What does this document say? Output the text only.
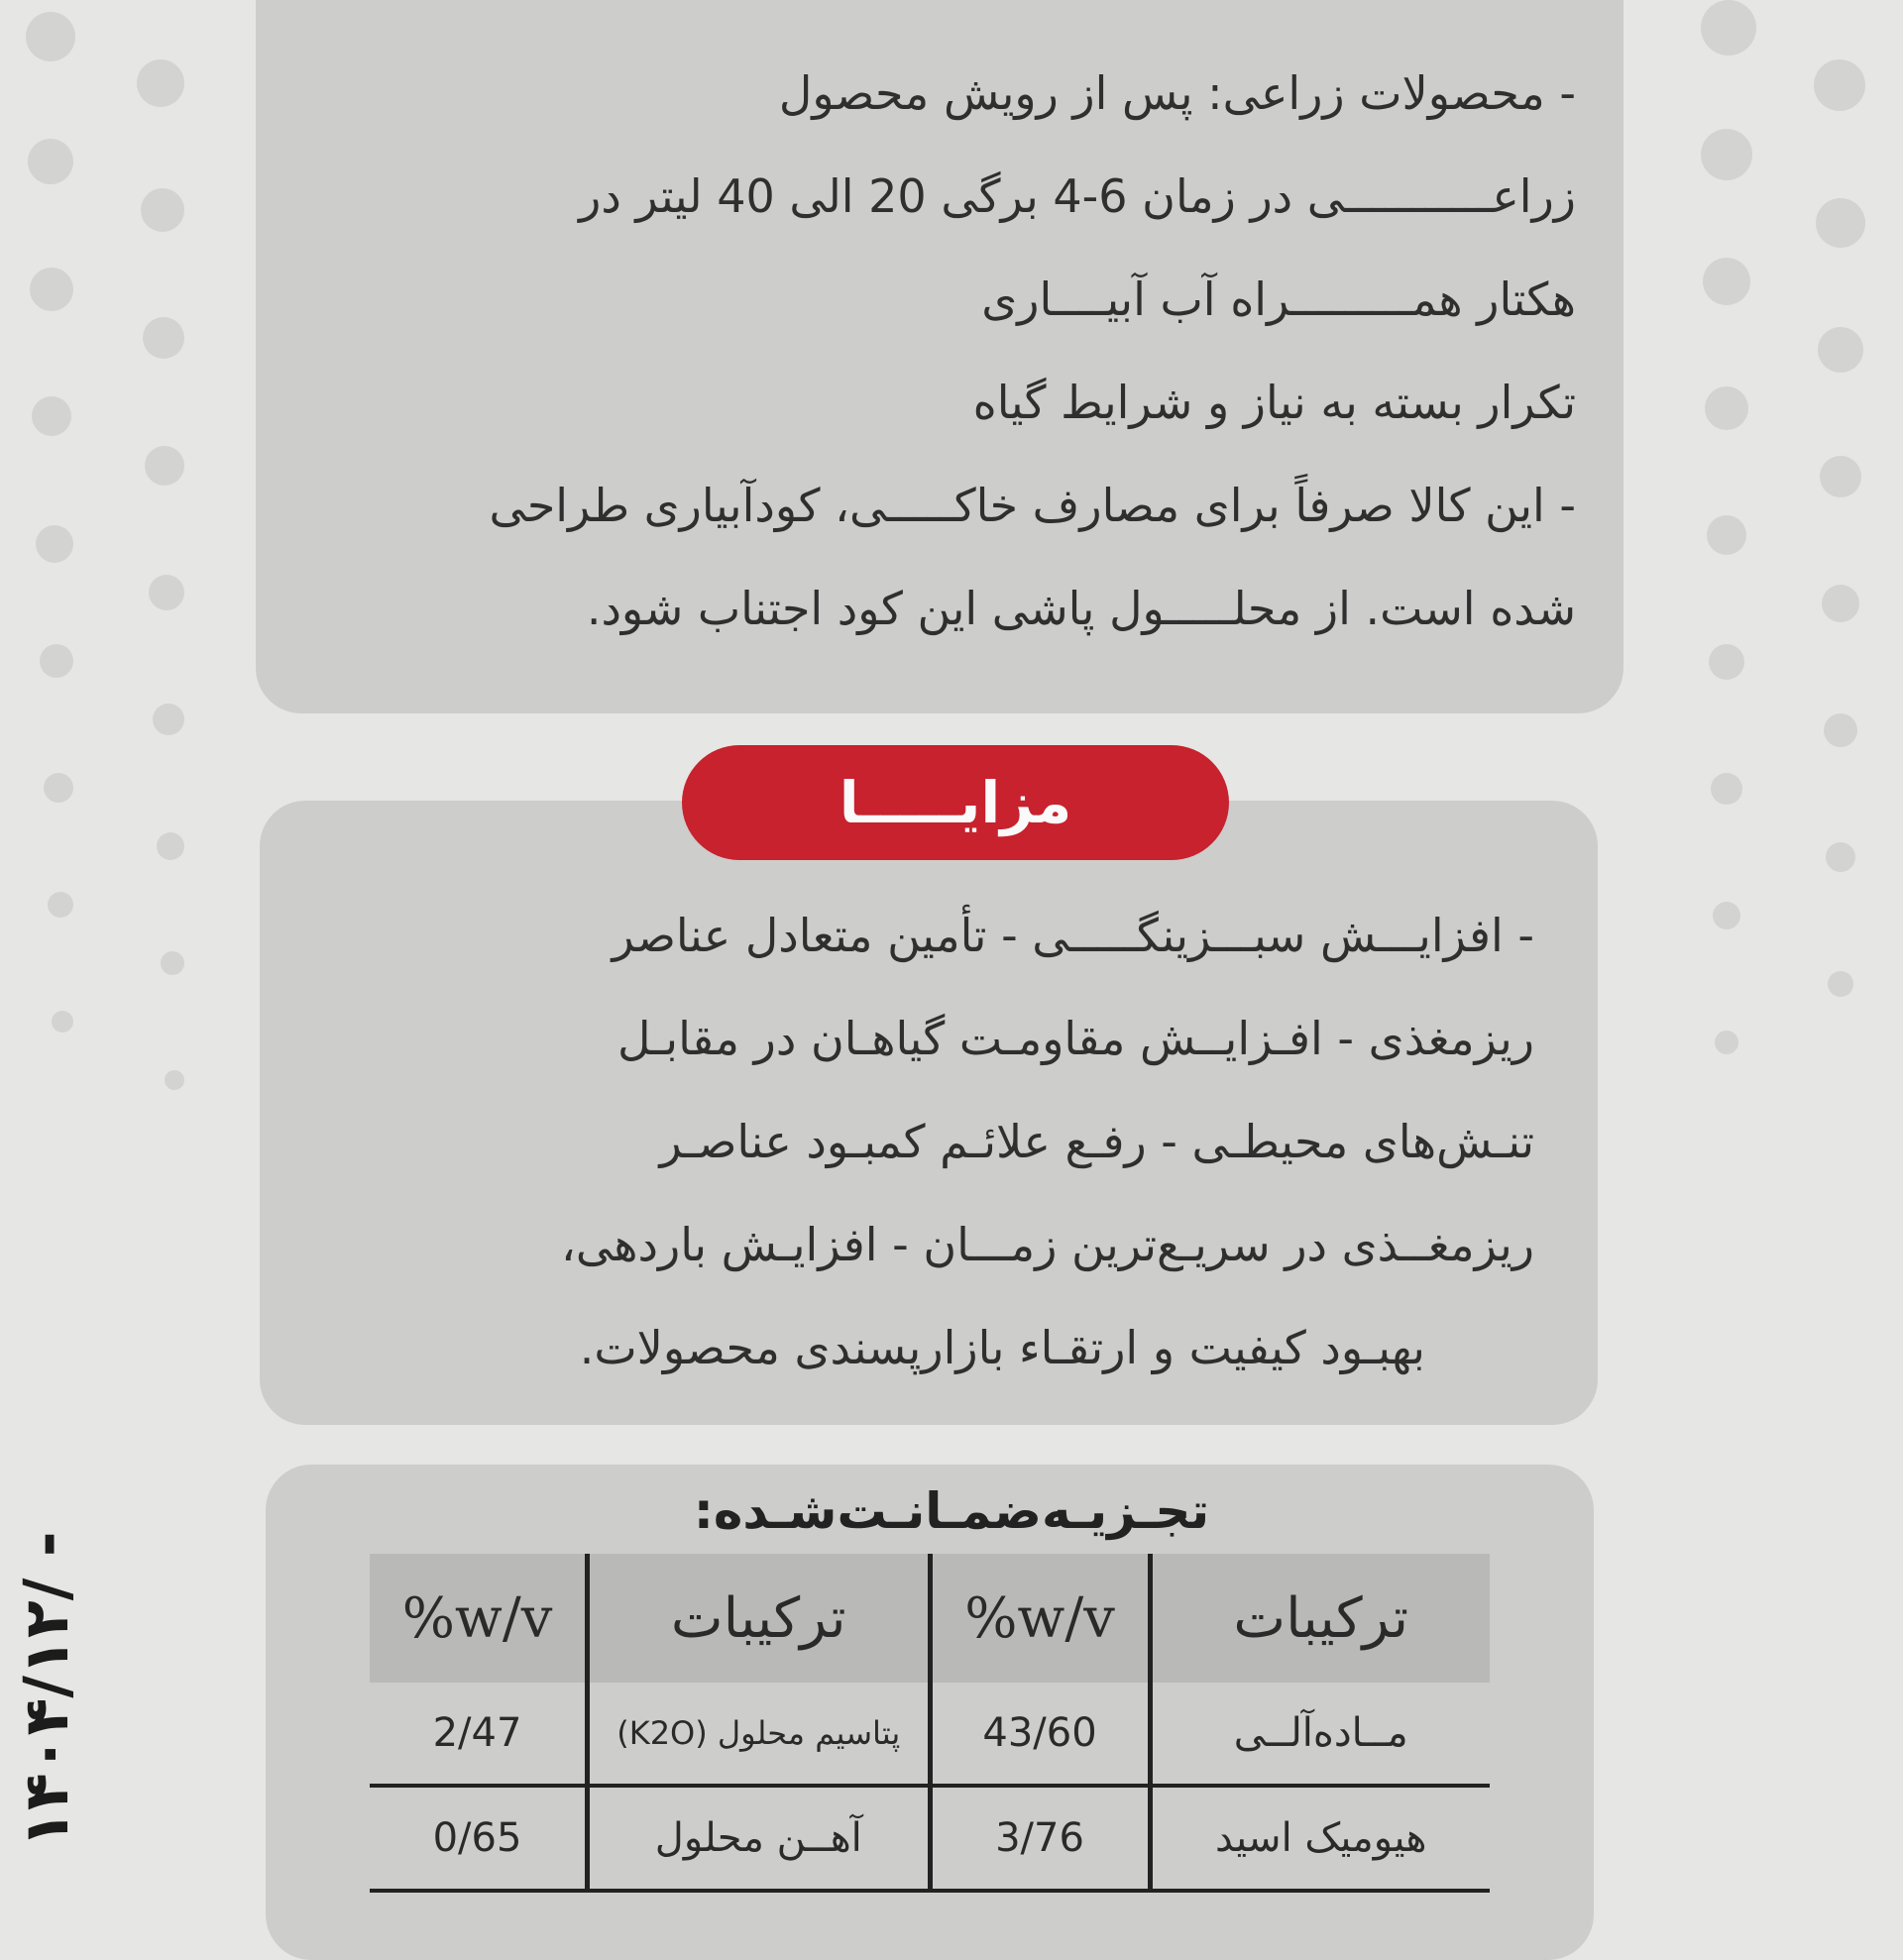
- محصولات زراعی: پس از رویش محصول
زراعـــــــــــی در زمان 6-4 برگی 20 الی 40 لیتر در
هکتار همـــــــــراه آب آبیــــاری
تکرار بسته به نیاز و شرایط گیاه
- این کالا صرفاً برای مصارف خاکـــــی، کودآبیاری طراحی
شده است. از محلـــــول پاشی این کود اجتناب شود.
مزایـــــا
- افزایـــش سبـــزینگـــــی - تأمین متعادل عناصر
ریزمغذی - افـزایــش مقاومـت گیاهـان در مقابـل
تنـش‌های محیطـی - رفـع علائـم کمبـود عناصـر
ریزمغــذی در سریـع‌ترین زمـــان - افزایـش باردهی،
بهبـود کیفیت و ارتقـاء بازارپسندی محصولات.
تجـزیـه‌ضمـانـت‌شـده:
ترکیبات	w/v%	ترکیبات	w/v%
مــاده‌آلــی	43/60	پتاسیم محلول (K2O)	2/47
هیومیک اسید	3/76	آهــن محلول	0/65
۱۴۰۴/۱۲/ -
